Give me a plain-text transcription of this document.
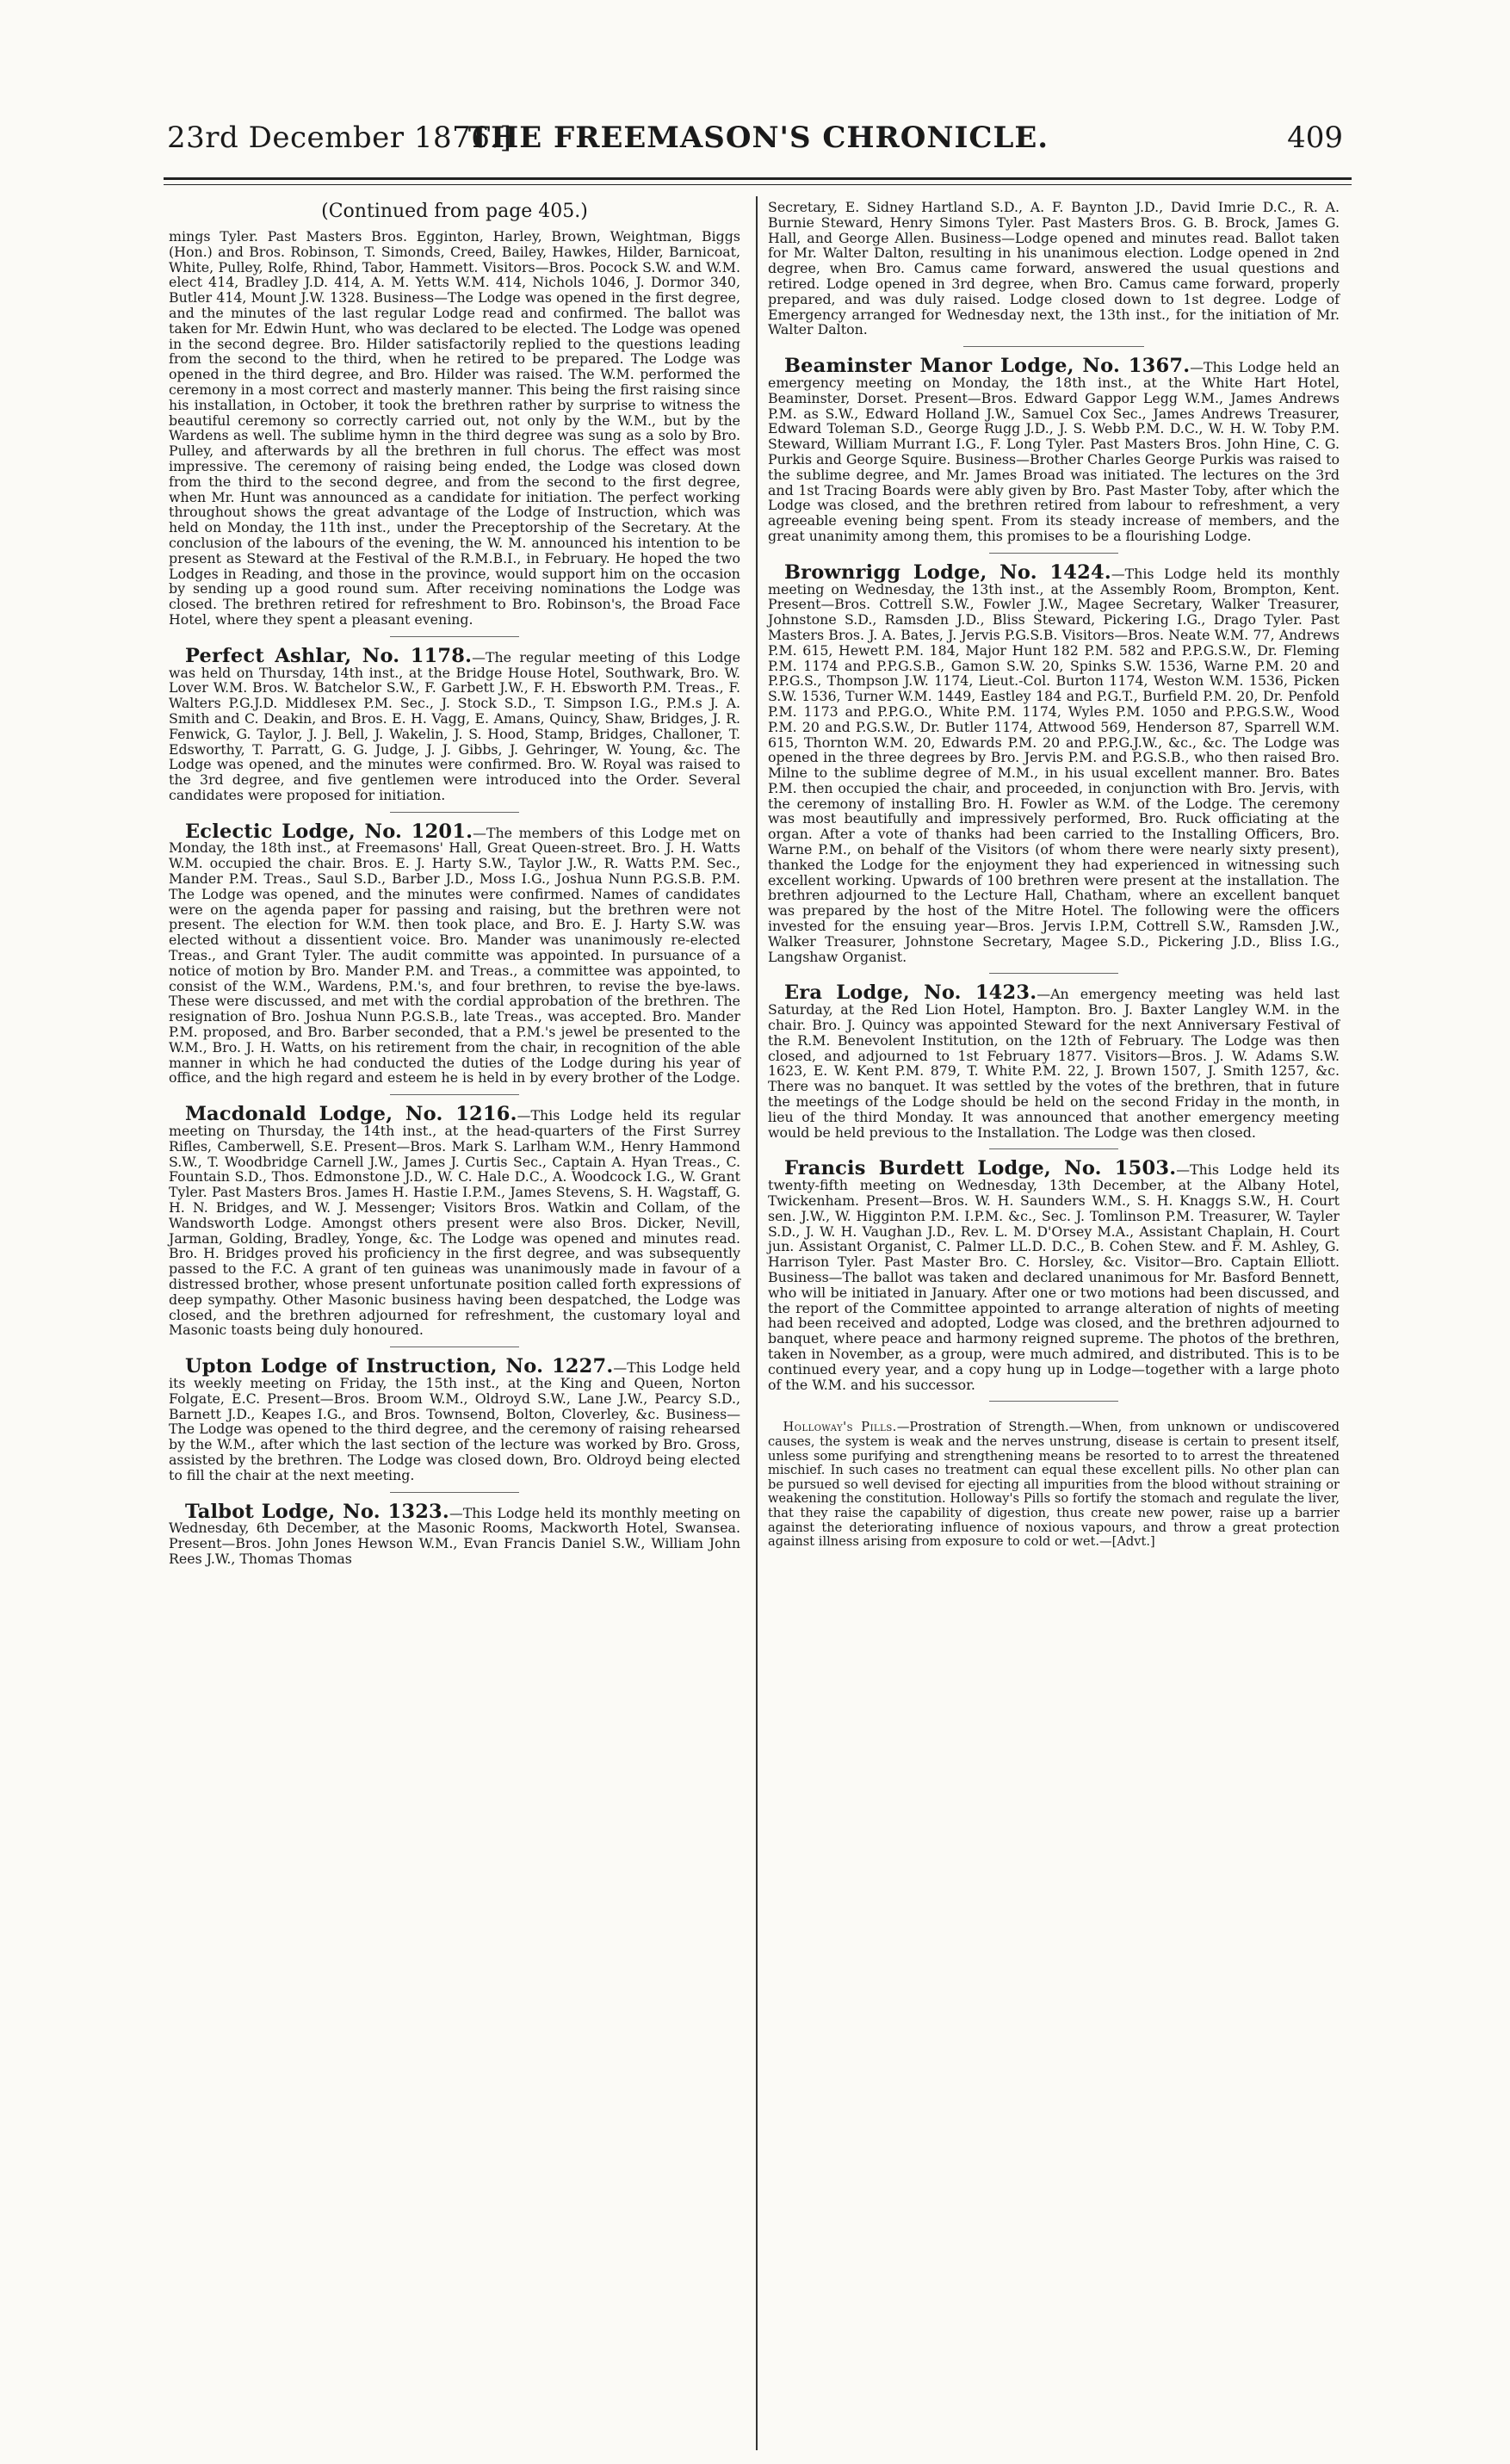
23rd December 1876.]
THE FREEMASON'S CHRONICLE.	409
(Continued from page 405.)

mings Tyler. Past Masters Bros. Egginton, Harley, Brown, Weightman, Biggs (Hon.) and Bros. Robinson, T. Simonds, Creed, Bailey, Hawkes, Hilder, Barnicoat, White, Pulley, Rolfe, Rhind, Tabor, Hammett. Visitors—Bros. Pocock S.W. and W.M. elect 414, Bradley J.D. 414, A. M. Yetts W.M. 414, Nichols 1046, J. Dormor 340, Butler 414, Mount J.W. 1328. Business—The Lodge was opened in the first degree, and the minutes of the last regular Lodge read and confirmed. The ballot was taken for Mr. Edwin Hunt, who was declared to be elected. The Lodge was opened in the second degree. Bro. Hilder satisfactorily replied to the questions leading from the second to the third, when he retired to be prepared. The Lodge was opened in the third degree, and Bro. Hilder was raised. The W.M. performed the ceremony in a most correct and masterly manner. This being the first raising since his installation, in October, it took the brethren rather by surprise to witness the beautiful ceremony so correctly carried out, not only by the W.M., but by the Wardens as well. The sublime hymn in the third degree was sung as a solo by Bro. Pulley, and afterwards by all the brethren in full chorus. The effect was most impressive. The ceremony of raising being ended, the Lodge was closed down from the third to the second degree, and from the second to the first degree, when Mr. Hunt was announced as a candidate for initiation. The perfect working throughout shows the great advantage of the Lodge of Instruction, which was held on Monday, the 11th inst., under the Preceptorship of the Secretary. At the conclusion of the labours of the evening, the W. M. announced his intention to be present as Steward at the Festival of the R.M.B.I., in February. He hoped the two Lodges in Reading, and those in the province, would support him on the occasion by sending up a good round sum. After receiving nominations the Lodge was closed. The brethren retired for refreshment to Bro. Robinson's, the Broad Face Hotel, where they spent a pleasant evening.

Perfect Ashlar, No. 1178.—The regular meeting of this Lodge was held on Thursday, 14th inst., at the Bridge House Hotel, Southwark, Bro. W. Lover W.M. Bros. W. Batchelor S.W., F. Garbett J.W., F. H. Ebsworth P.M. Treas., F. Walters P.G.J.D. Middlesex P.M. Sec., J. Stock S.D., T. Simpson I.G., P.M.s J. A. Smith and C. Deakin, and Bros. E. H. Vagg, E. Amans, Quincy, Shaw, Bridges, J. R. Fenwick, G. Taylor, J. J. Bell, J. Wakelin, J. S. Hood, Stamp, Bridges, Challoner, T. Edsworthy, T. Parratt, G. G. Judge, J. J. Gibbs, J. Gehringer, W. Young, &c. The Lodge was opened, and the minutes were confirmed. Bro. W. Royal was raised to the 3rd degree, and five gentlemen were introduced into the Order. Several candidates were proposed for initiation.

Eclectic Lodge, No. 1201.—The members of this Lodge met on Monday, the 18th inst., at Freemasons' Hall, Great Queen-street. Bro. J. H. Watts W.M. occupied the chair. Bros. E. J. Harty S.W., Taylor J.W., R. Watts P.M. Sec., Mander P.M. Treas., Saul S.D., Barber J.D., Moss I.G., Joshua Nunn P.G.S.B. P.M. The Lodge was opened, and the minutes were confirmed. Names of candidates were on the agenda paper for passing and raising, but the brethren were not present. The election for W.M. then took place, and Bro. E. J. Harty S.W. was elected without a dissentient voice. Bro. Mander was unanimously re-elected Treas., and Grant Tyler. The audit committe was appointed. In pursuance of a notice of motion by Bro. Mander P.M. and Treas., a committee was appointed, to consist of the W.M., Wardens, P.M.'s, and four brethren, to revise the bye-laws. These were discussed, and met with the cordial approbation of the brethren. The resignation of Bro. Joshua Nunn P.G.S.B., late Treas., was accepted. Bro. Mander P.M. proposed, and Bro. Barber seconded, that a P.M.'s jewel be presented to the W.M., Bro. J. H. Watts, on his retirement from the chair, in recognition of the able manner in which he had conducted the duties of the Lodge during his year of office, and the high regard and esteem he is held in by every brother of the Lodge.

Macdonald Lodge, No. 1216.—This Lodge held its regular meeting on Thursday, the 14th inst., at the head-quarters of the First Surrey Rifles, Camberwell, S.E. Present—Bros. Mark S. Larlham W.M., Henry Hammond S.W., T. Woodbridge Carnell J.W., James J. Curtis Sec., Captain A. Hyan Treas., C. Fountain S.D., Thos. Edmonstone J.D., W. C. Hale D.C., A. Woodcock I.G., W. Grant Tyler. Past Masters Bros. James H. Hastie I.P.M., James Stevens, S. H. Wagstaff, G. H. N. Bridges, and W. J. Messenger; Visitors Bros. Watkin and Collam, of the Wandsworth Lodge. Amongst others present were also Bros. Dicker, Nevill, Jarman, Golding, Bradley, Yonge, &c. The Lodge was opened and minutes read. Bro. H. Bridges proved his proficiency in the first degree, and was subsequently passed to the F.C. A grant of ten guineas was unanimously made in favour of a distressed brother, whose present unfortunate position called forth expressions of deep sympathy. Other Masonic business having been despatched, the Lodge was closed, and the brethren adjourned for refreshment, the customary loyal and Masonic toasts being duly honoured.

Upton Lodge of Instruction, No. 1227.—This Lodge held its weekly meeting on Friday, the 15th inst., at the King and Queen, Norton Folgate, E.C. Present—Bros. Broom W.M., Oldroyd S.W., Lane J.W., Pearcy S.D., Barnett J.D., Keapes I.G., and Bros. Townsend, Bolton, Cloverley, &c. Business—The Lodge was opened to the third degree, and the ceremony of raising rehearsed by the W.M., after which the last section of the lecture was worked by Bro. Gross, assisted by the brethren. The Lodge was closed down, Bro. Oldroyd being elected to fill the chair at the next meeting.

Talbot Lodge, No. 1323.—This Lodge held its monthly meeting on Wednesday, 6th December, at the Masonic Rooms, Mackworth Hotel, Swansea. Present—Bros. John Jones Hewson W.M., Evan Francis Daniel S.W., William John Rees J.W., Thomas Thomas

Secretary, E. Sidney Hartland S.D., A. F. Baynton J.D., David Imrie D.C., R. A. Burnie Steward, Henry Simons Tyler. Past Masters Bros. G. B. Brock, James G. Hall, and George Allen. Business—Lodge opened and minutes read. Ballot taken for Mr. Walter Dalton, resulting in his unanimous election. Lodge opened in 2nd degree, when Bro. Camus came forward, answered the usual questions and retired. Lodge opened in 3rd degree, when Bro. Camus came forward, properly prepared, and was duly raised. Lodge closed down to 1st degree. Lodge of Emergency arranged for Wednesday next, the 13th inst., for the initiation of Mr. Walter Dalton.

Beaminster Manor Lodge, No. 1367.—This Lodge held an emergency meeting on Monday, the 18th inst., at the White Hart Hotel, Beaminster, Dorset. Present—Bros. Edward Gappor Legg W.M., James Andrews P.M. as S.W., Edward Holland J.W., Samuel Cox Sec., James Andrews Treasurer, Edward Toleman S.D., George Rugg J.D., J. S. Webb P.M. D.C., W. H. W. Toby P.M. Steward, William Murrant I.G., F. Long Tyler. Past Masters Bros. John Hine, C. G. Purkis and George Squire. Business—Brother Charles George Purkis was raised to the sublime degree, and Mr. James Broad was initiated. The lectures on the 3rd and 1st Tracing Boards were ably given by Bro. Past Master Toby, after which the Lodge was closed, and the brethren retired from labour to refreshment, a very agreeable evening being spent. From its steady increase of members, and the great unanimity among them, this promises to be a flourishing Lodge.

Brownrigg Lodge, No. 1424.—This Lodge held its monthly meeting on Wednesday, the 13th inst., at the Assembly Room, Brompton, Kent. Present—Bros. Cottrell S.W., Fowler J.W., Magee Secretary, Walker Treasurer, Johnstone S.D., Ramsden J.D., Bliss Steward, Pickering I.G., Drago Tyler. Past Masters Bros. J. A. Bates, J. Jervis P.G.S.B. Visitors—Bros. Neate W.M. 77, Andrews P.M. 615, Hewett P.M. 184, Major Hunt 182 P.M. 582 and P.P.G.S.W., Dr. Fleming P.M. 1174 and P.P.G.S.B., Gamon S.W. 20, Spinks S.W. 1536, Warne P.M. 20 and P.P.G.S., Thompson J.W. 1174, Lieut.-Col. Burton 1174, Weston W.M. 1536, Picken S.W. 1536, Turner W.M. 1449, Eastley 184 and P.G.T., Burfield P.M. 20, Dr. Penfold P.M. 1173 and P.P.G.O., White P.M. 1174, Wyles P.M. 1050 and P.P.G.S.W., Wood P.M. 20 and P.G.S.W., Dr. Butler 1174, Attwood 569, Henderson 87, Sparrell W.M. 615, Thornton W.M. 20, Edwards P.M. 20 and P.P.G.J.W., &c., &c. The Lodge was opened in the three degrees by Bro. Jervis P.M. and P.G.S.B., who then raised Bro. Milne to the sublime degree of M.M., in his usual excellent manner. Bro. Bates P.M. then occupied the chair, and proceeded, in conjunction with Bro. Jervis, with the ceremony of installing Bro. H. Fowler as W.M. of the Lodge. The ceremony was most beautifully and impressively performed, Bro. Ruck officiating at the organ. After a vote of thanks had been carried to the Installing Officers, Bro. Warne P.M., on behalf of the Visitors (of whom there were nearly sixty present), thanked the Lodge for the enjoyment they had experienced in witnessing such excellent working. Upwards of 100 brethren were present at the installation. The brethren adjourned to the Lecture Hall, Chatham, where an excellent banquet was prepared by the host of the Mitre Hotel. The following were the officers invested for the ensuing year—Bros. Jervis I.P.M, Cottrell S.W., Ramsden J.W., Walker Treasurer, Johnstone Secretary, Magee S.D., Pickering J.D., Bliss I.G., Langshaw Organist.

Era Lodge, No. 1423.—An emergency meeting was held last Saturday, at the Red Lion Hotel, Hampton. Bro. J. Baxter Langley W.M. in the chair. Bro. J. Quincy was appointed Steward for the next Anniversary Festival of the R.M. Benevolent Institution, on the 12th of February. The Lodge was then closed, and adjourned to 1st February 1877. Visitors—Bros. J. W. Adams S.W. 1623, E. W. Kent P.M. 879, T. White P.M. 22, J. Brown 1507, J. Smith 1257, &c. There was no banquet. It was settled by the votes of the brethren, that in future the meetings of the Lodge should be held on the second Friday in the month, in lieu of the third Monday. It was announced that another emergency meeting would be held previous to the Installation. The Lodge was then closed.

Francis Burdett Lodge, No. 1503.—This Lodge held its twenty-fifth meeting on Wednesday, 13th December, at the Albany Hotel, Twickenham. Present—Bros. W. H. Saunders W.M., S. H. Knaggs S.W., H. Court sen. J.W., W. Higginton P.M. I.P.M. &c., Sec. J. Tomlinson P.M. Treasurer, W. Tayler S.D., J. W. H. Vaughan J.D., Rev. L. M. D'Orsey M.A., Assistant Chaplain, H. Court jun. Assistant Organist, C. Palmer LL.D. D.C., B. Cohen Stew. and F. M. Ashley, G. Harrison Tyler. Past Master Bro. C. Horsley, &c. Visitor—Bro. Captain Elliott. Business—The ballot was taken and declared unanimous for Mr. Basford Bennett, who will be initiated in January. After one or two motions had been discussed, and the report of the Committee appointed to arrange alteration of nights of meeting had been received and adopted, Lodge was closed, and the brethren adjourned to banquet, where peace and harmony reigned supreme. The photos of the brethren, taken in November, as a group, were much admired, and distributed. This is to be continued every year, and a copy hung up in Lodge—together with a large photo of the W.M. and his successor.

Holloway's Pills.—Prostration of Strength.—When, from unknown or undiscovered causes, the system is weak and the nerves unstrung, disease is certain to present itself, unless some purifying and strengthening means be resorted to to arrest the threatened mischief. In such cases no treatment can equal these excellent pills. No other plan can be pursued so well devised for ejecting all impurities from the blood without straining or weakening the constitution. Holloway's Pills so fortify the stomach and regulate the liver, that they raise the capability of digestion, thus create new power, raise up a barrier against the deteriorating influence of noxious vapours, and throw a great protection against illness arising from exposure to cold or wet.—[Advt.]
